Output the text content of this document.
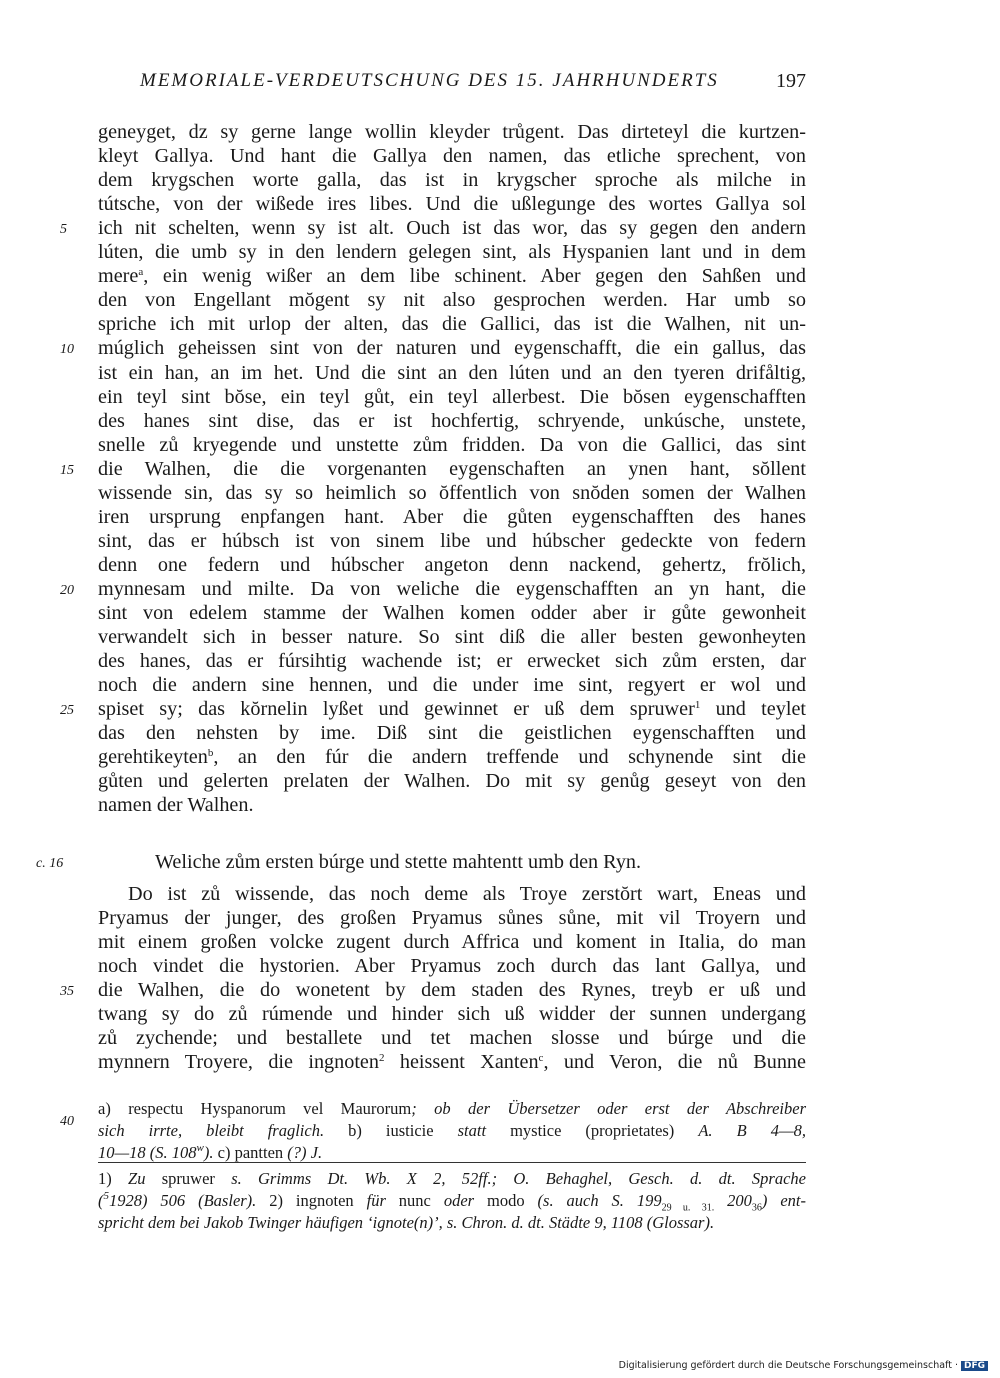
MEMORIALE-VERDEUTSCHUNG DES 15. JAHRHUNDERTS	197
geneyget, dz sy gerne lange wollin kleyder trůgent. Das dirteteyl die kurtzen-
kleyt Gallya. Und hant die Gallya den namen, das etliche sprechent, von
dem krygschen worte galla, das ist in krygscher sproche als milche in
tútsche, von der wißede ires libes. Und die ußlegunge des wortes Gallya sol
ich nit schelten, wenn sy ist alt. Ouch ist das wor, das sy gegen den andern
lúten, die umb sy in den lendern gelegen sint, als Hyspanien lant und in dem
mere$^a$, ein wenig wißer an dem libe schinent. Aber gegen den Sahßen und
den von Engellant mŏgent sy nit also gesprochen werden. Har umb so
spriche ich mit urlop der alten, das die Gallici, das ist die Walhen, nit un-
múglich geheissen sint von der naturen und eygenschafft, die ein gallus, das
ist ein han, an im het. Und die sint an den lúten und an den tyeren drifåltig,
ein teyl sint bŏse, ein teyl gůt, ein teyl allerbest. Die bŏsen eygenschafften
des hanes sint dise, das er ist hochfertig, schryende, unkúsche, unstete,
snelle zů kryegende und unstette zům fridden. Da von die Gallici, das sint
die Walhen, die die vorgenanten eygenschaften an ynen hant, sŏllent
wissende sin, das sy so heimlich so ŏffentlich von snŏden somen der Walhen
iren ursprung enpfangen hant. Aber die gůten eygenschafften des hanes
sint, das er húbsch ist von sinem libe und húbscher gedeckte von federn
denn one federn und húbscher angeton denn nackend, gehertz, frŏlich,
mynnesam und milte. Da von weliche die eygenschafften an yn hant, die
sint von edelem stamme der Walhen komen odder aber ir gůte gewonheit
verwandelt sich in besser nature. So sint diß die aller besten gewonheyten
des hanes, das er fúrsihtig wachende ist; er erwecket sich zům ersten, dar
noch die andern sine hennen, und die under ime sint, regyert er wol und
spiset sy; das kŏrnelin lyßet und gewinnet er uß dem spruwer$^1$ und teylet
das den nehsten by ime. Diß sint die geistlichen eygenschafften und
gerehtikeyten$^b$, an den fúr die andern treffende und schynende sint die
gůten und gelerten prelaten der Walhen. Do mit sy genůg geseyt von den
namen der Walhen.
5
10
15
20
25
c. 16	Weliche zům ersten búrge und stette mahtentt umb den Ryn.
Do ist zů wissende, das noch deme als Troye zerstŏrt wart, Eneas und
Pryamus der junger, des großen Pryamus sůnes sůne, mit vil Troyern und
mit einem großen volcke zugent durch Affrica und koment in Italia, do man
noch vindet die hystorien. Aber Pryamus zoch durch das lant Gallya, und
die Walhen, die do wonetent by dem staden des Rynes, treyb er uß und
twang sy do zů rúmende und hinder sich uß widder der sunnen undergang
zů zychende; und bestallete und tet machen slosse und búrge und die
mynnern Troyere, die ingnoten$^2$ heissent Xanten$^c$, und Veron, die nů Bunne
35
a) respectu Hyspanorum vel Maurorum; ob der Übersetzer oder erst der Abschreiber
40	sich irrte, bleibt fraglich. b) iusticie statt mystice (proprietates) A. B 4—8,
10—18 (S. 108$^w$). c) pantten (?) J.
1) Zu spruwer s. Grimms Dt. Wb. X 2, 52ff.; O. Behaghel, Gesch. d. dt. Sprache
($^5$1928) 506 (Basler). 2) ingnoten für nunc oder modo (s. auch S. $199_{29 u. 31.}$ $200_{36}$) ent-
spricht dem bei Jakob Twinger häufigen ‘ignote(n)’, s. Chron. d. dt. Städte 9, 1108 (Glossar).
Digitalisierung gefördert durch die Deutsche Forschungsgemeinschaft · DFG
